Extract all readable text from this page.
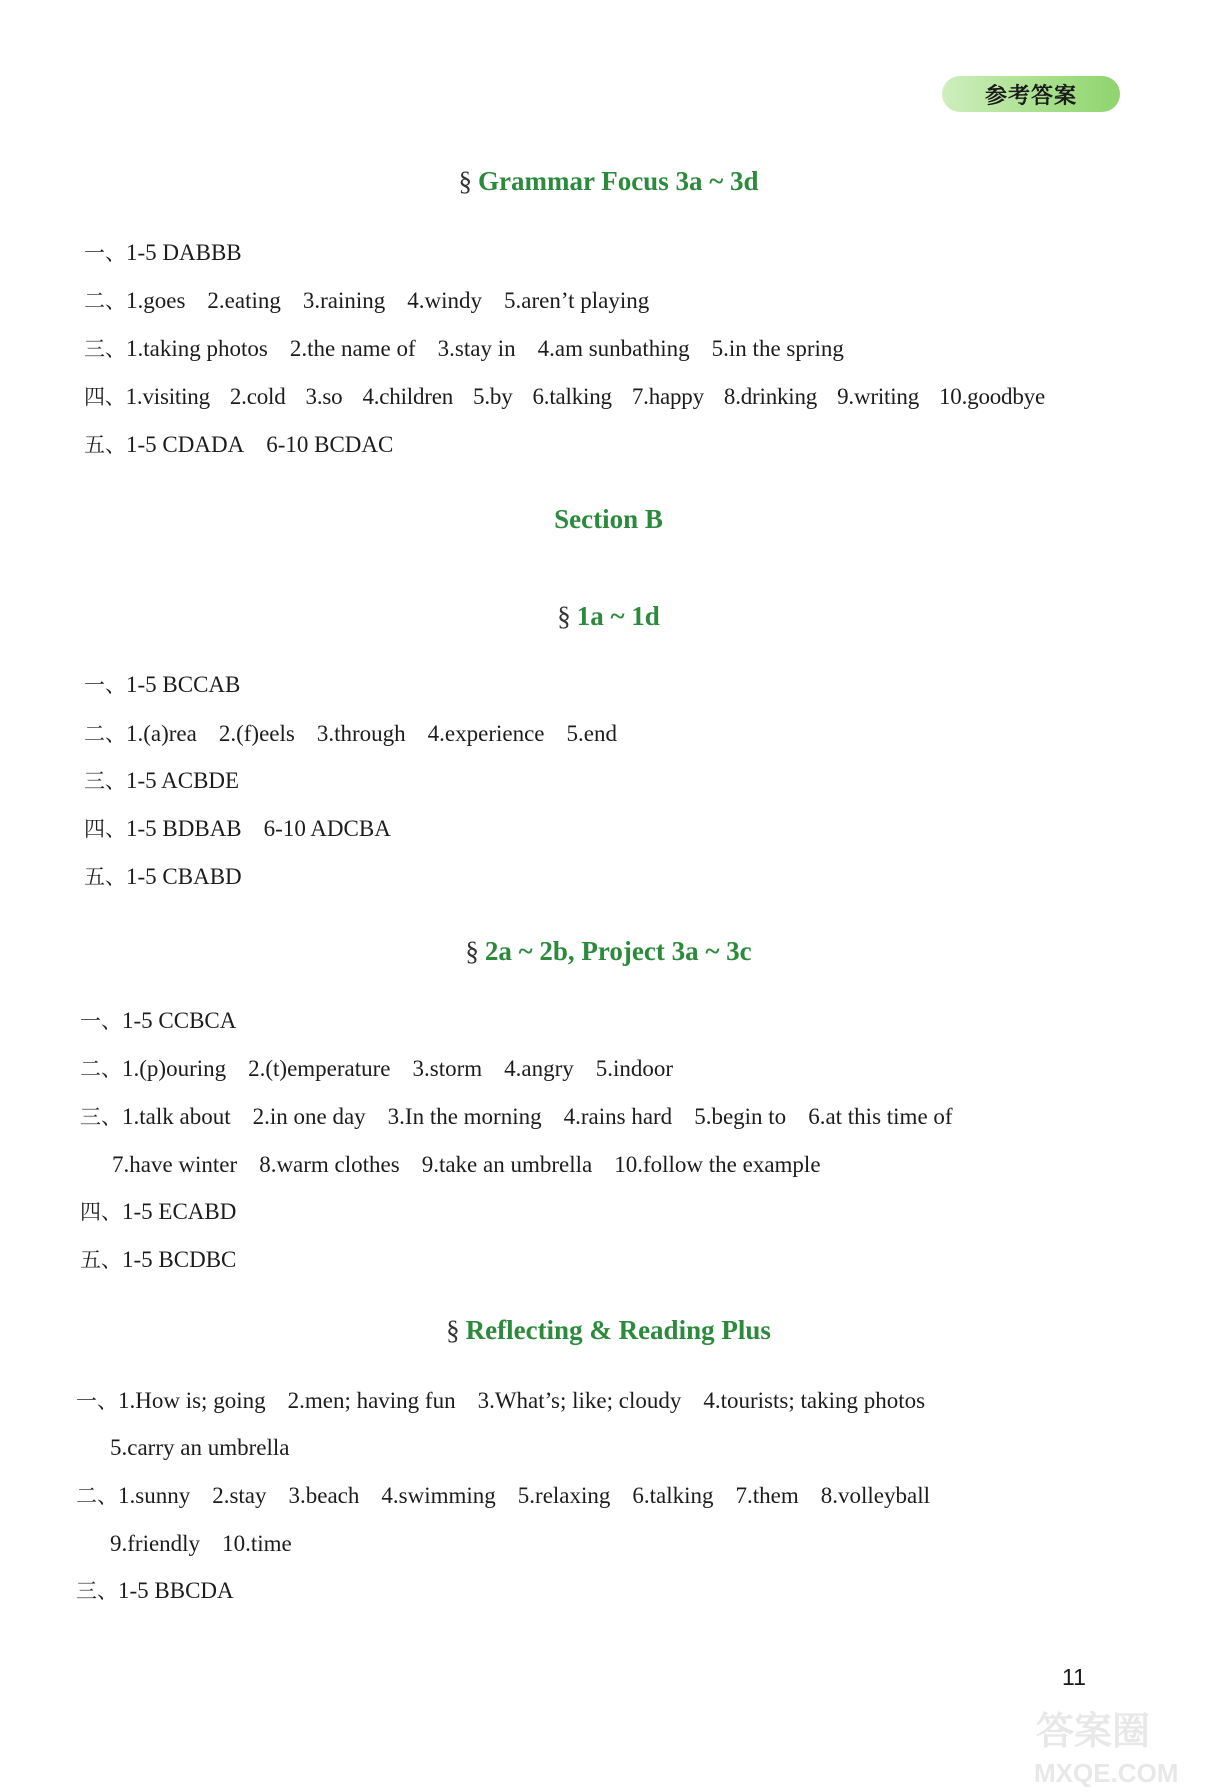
参考答案
§ Grammar Focus 3a ~ 3d

一、1-5 DABBB

二、1.goes 2.eating 3.raining 4.windy 5.aren’t playing

三、1.taking photos 2.the name of 3.stay in 4.am sunbathing 5.in the spring

四、1.visiting 2.cold 3.so 4.children 5.by 6.talking 7.happy 8.drinking 9.writing 10.goodbye

五、1-5 CDADA 6-10 BCDAC

Section B
§ 1a ~ 1d

一、1-5 BCCAB

二、1.(a)rea 2.(f)eels 3.through 4.experience 5.end

三、1-5 ACBDE

四、1-5 BDBAB 6-10 ADCBA

五、1-5 CBABD

§ 2a ~ 2b, Project 3a ~ 3c

一、1-5 CCBCA

二、1.(p)ouring 2.(t)emperature 3.storm 4.angry 5.indoor

三、1.talk about 2.in one day 3.In the morning 4.rains hard 5.begin to 6.at this time of

7.have winter 8.warm clothes 9.take an umbrella 10.follow the example

四、1-5 ECABD

五、1-5 BCDBC

§ Reflecting & Reading Plus

一、1.How is; going 2.men; having fun 3.What’s; like; cloudy 4.tourists; taking photos

5.carry an umbrella

二、1.sunny 2.stay 3.beach 4.swimming 5.relaxing 6.talking 7.them 8.volleyball

9.friendly 10.time

三、1-5 BBCDA

11
答案圈
MXQE.COM
